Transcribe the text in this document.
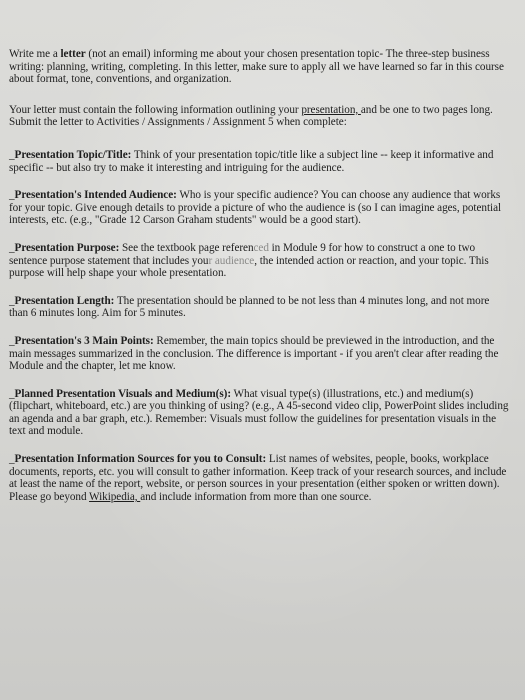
Write me a letter (not an email) informing me about your chosen presentation topic- The three-step business writing: planning, writing, completing. In this letter, make sure to apply all we have learned so far in this course about format, tone, conventions, and organization.

Your letter must contain the following information outlining your presentation, and be one to two pages long. Submit the letter to Activities / Assignments / Assignment 5 when complete:

_Presentation Topic/Title: Think of your presentation topic/title like a subject line -- keep it informative and specific -- but also try to make it interesting and intriguing for the audience.

_Presentation's Intended Audience: Who is your specific audience? You can choose any audience that works for your topic. Give enough details to provide a picture of who the audience is (so I can imagine ages, potential interests, etc. (e.g., "Grade 12 Carson Graham students" would be a good start).

_Presentation Purpose: See the textbook page referenced in Module 9 for how to construct a one to two sentence purpose statement that includes your audience, the intended action or reaction, and your topic. This purpose will help shape your whole presentation.

_Presentation Length: The presentation should be planned to be not less than 4 minutes long, and not more than 6 minutes long. Aim for 5 minutes.

_Presentation's 3 Main Points: Remember, the main topics should be previewed in the introduction, and the main messages summarized in the conclusion. The difference is important - if you aren't clear after reading the Module and the chapter, let me know.

_Planned Presentation Visuals and Medium(s): What visual type(s) (illustrations, etc.) and medium(s) (flipchart, whiteboard, etc.) are you thinking of using? (e.g., A 45-second video clip, PowerPoint slides including an agenda and a bar graph, etc.). Remember: Visuals must follow the guidelines for presentation visuals in the text and module.

_Presentation Information Sources for you to Consult: List names of websites, people, books, workplace documents, reports, etc. you will consult to gather information. Keep track of your research sources, and include at least the name of the report, website, or person sources in your presentation (either spoken or written down). Please go beyond Wikipedia, and include information from more than one source.
